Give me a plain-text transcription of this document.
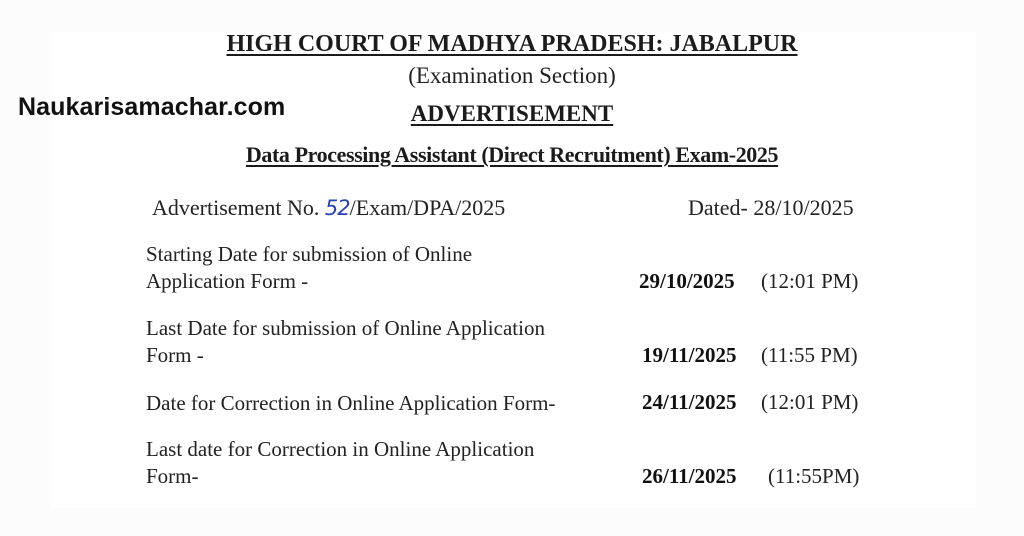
Naukarisamachar.com
HIGH COURT OF MADHYA PRADESH: JABALPUR
(Examination Section)
ADVERTISEMENT
Data Processing Assistant (Direct Recruitment) Exam-2025
Advertisement No. 52/Exam/DPA/2025	Dated- 28/10/2025
Starting Date for submission of Online
Application Form -	29/10/2025 (12:01 PM)
Last Date for submission of Online Application
Form -	19/11/2025 (11:55 PM)
Date for Correction in Online Application Form-	24/11/2025 (12:01 PM)
Last date for Correction in Online Application
Form-	26/11/2025 (11:55PM)
